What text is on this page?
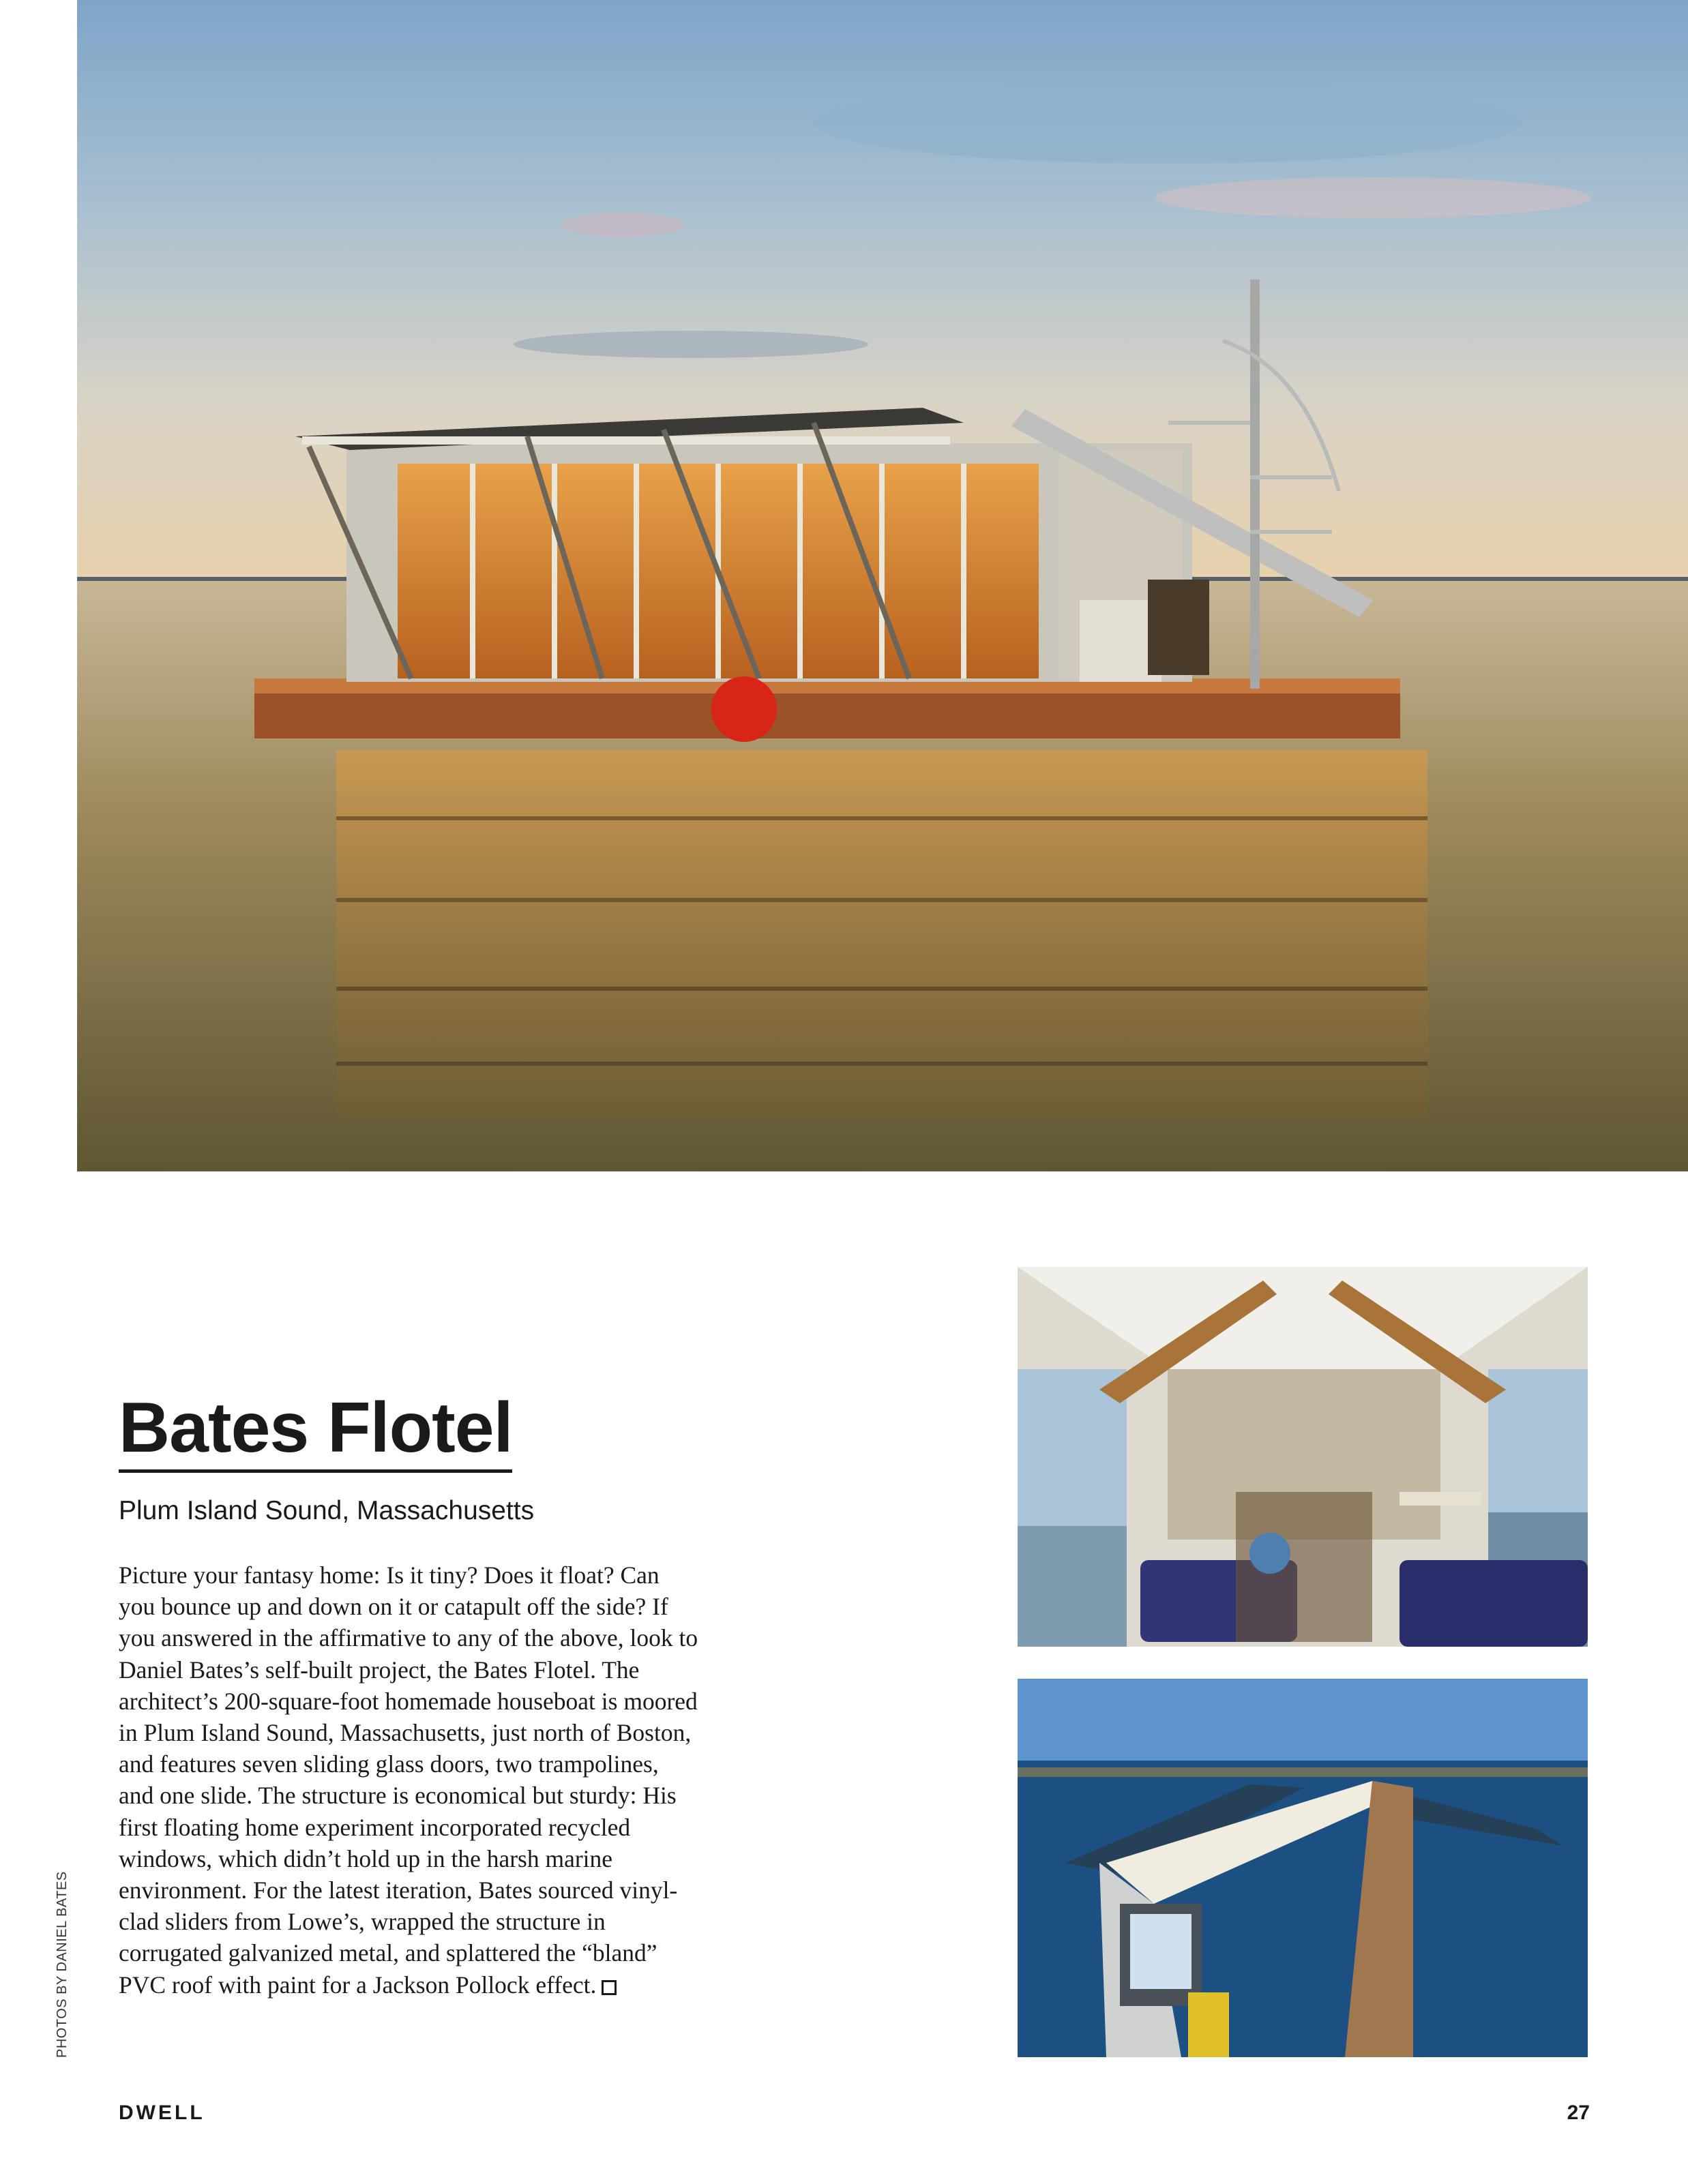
Bates Flotel
Plum Island Sound, Massachusetts

Picture your fantasy home: Is it tiny? Does it float? Can you bounce up and down on it or catapult off the side? If you answered in the affirmative to any of the above, look to Daniel Bates’s self-built project, the Bates Flotel. The architect’s 200-square-foot homemade houseboat is moored in Plum Island Sound, Massachusetts, just north of Boston, and features seven sliding glass doors, two trampolines, and one slide. The structure is economical but sturdy: His first floating home experiment incorporated recycled windows, which didn’t hold up in the harsh marine environment. For the latest iteration, Bates sourced vinyl-clad sliders from Lowe’s, wrapped the structure in corrugated galvanized metal, and splattered the “bland” PVC roof with paint for a Jackson Pollock effect.

PHOTOS BY DANIEL BATES
DWELL	27
